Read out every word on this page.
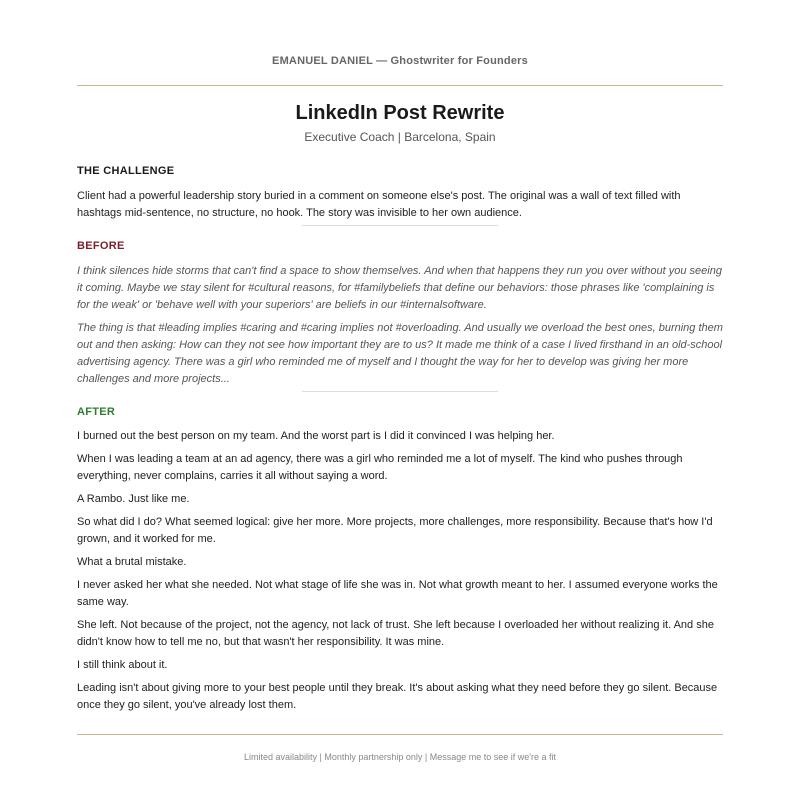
EMANUEL DANIEL — Ghostwriter for Founders
LinkedIn Post Rewrite
Executive Coach | Barcelona, Spain
THE CHALLENGE

Client had a powerful leadership story buried in a comment on someone else's post. The original was a wall of text filled with hashtags mid-sentence, no structure, no hook. The story was invisible to her own audience.

BEFORE

I think silences hide storms that can't find a space to show themselves. And when that happens they run you over without you seeing it coming. Maybe we stay silent for #cultural reasons, for #familybeliefs that define our behaviors: those phrases like 'complaining is for the weak' or 'behave well with your superiors' are beliefs in our #internalsoftware.

The thing is that #leading implies #caring and #caring implies not #overloading. And usually we overload the best ones, burning them out and then asking: How can they not see how important they are to us? It made me think of a case I lived firsthand in an old-school advertising agency. There was a girl who reminded me of myself and I thought the way for her to develop was giving her more challenges and more projects...

AFTER

I burned out the best person on my team. And the worst part is I did it convinced I was helping her.

When I was leading a team at an ad agency, there was a girl who reminded me a lot of myself. The kind who pushes through everything, never complains, carries it all without saying a word.

A Rambo. Just like me.

So what did I do? What seemed logical: give her more. More projects, more challenges, more responsibility. Because that's how I'd grown, and it worked for me.

What a brutal mistake.

I never asked her what she needed. Not what stage of life she was in. Not what growth meant to her. I assumed everyone works the same way.

She left. Not because of the project, not the agency, not lack of trust. She left because I overloaded her without realizing it. And she didn't know how to tell me no, but that wasn't her responsibility. It was mine.

I still think about it.

Leading isn't about giving more to your best people until they break. It's about asking what they need before they go silent. Because once they go silent, you've already lost them.

Limited availability | Monthly partnership only | Message me to see if we're a fit
